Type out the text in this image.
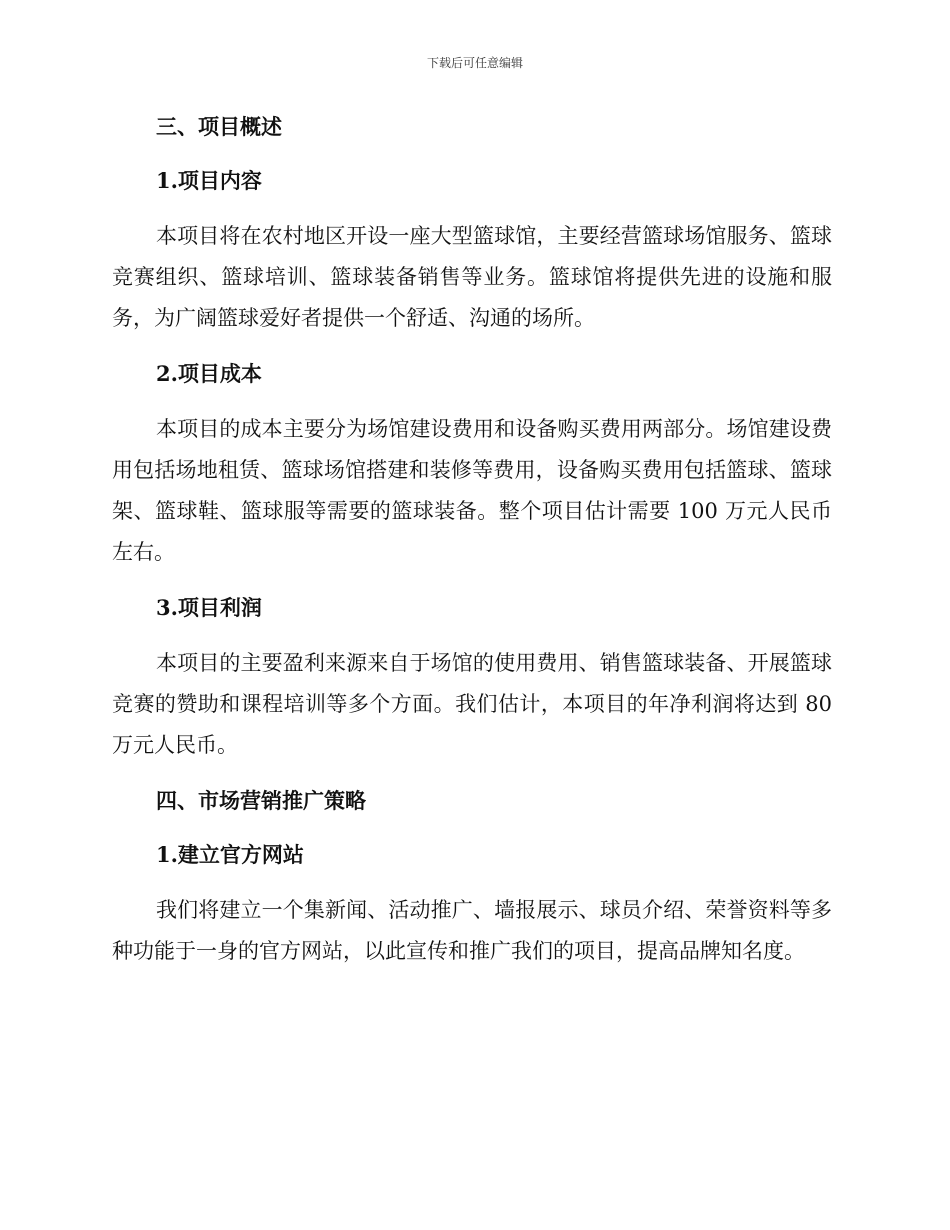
下载后可任意编辑
三、项目概述
1.项目内容

本项目将在农村地区开设一座大型篮球馆，主要经营篮球场馆服务、篮球竞赛组织、篮球培训、篮球装备销售等业务。篮球馆将提供先进的设施和服务，为广阔篮球爱好者提供一个舒适、沟通的场所。

2.项目成本

本项目的成本主要分为场馆建设费用和设备购买费用两部分。场馆建设费用包括场地租赁、篮球场馆搭建和装修等费用，设备购买费用包括篮球、篮球架、篮球鞋、篮球服等需要的篮球装备。整个项目估计需要 100 万元人民币左右。

3.项目利润

本项目的主要盈利来源来自于场馆的使用费用、销售篮球装备、开展篮球竞赛的赞助和课程培训等多个方面。我们估计，本项目的年净利润将达到 80 万元人民币。

四、市场营销推广策略
1.建立官方网站

我们将建立一个集新闻、活动推广、墙报展示、球员介绍、荣誉资料等多种功能于一身的官方网站，以此宣传和推广我们的项目，提高品牌知名度。
